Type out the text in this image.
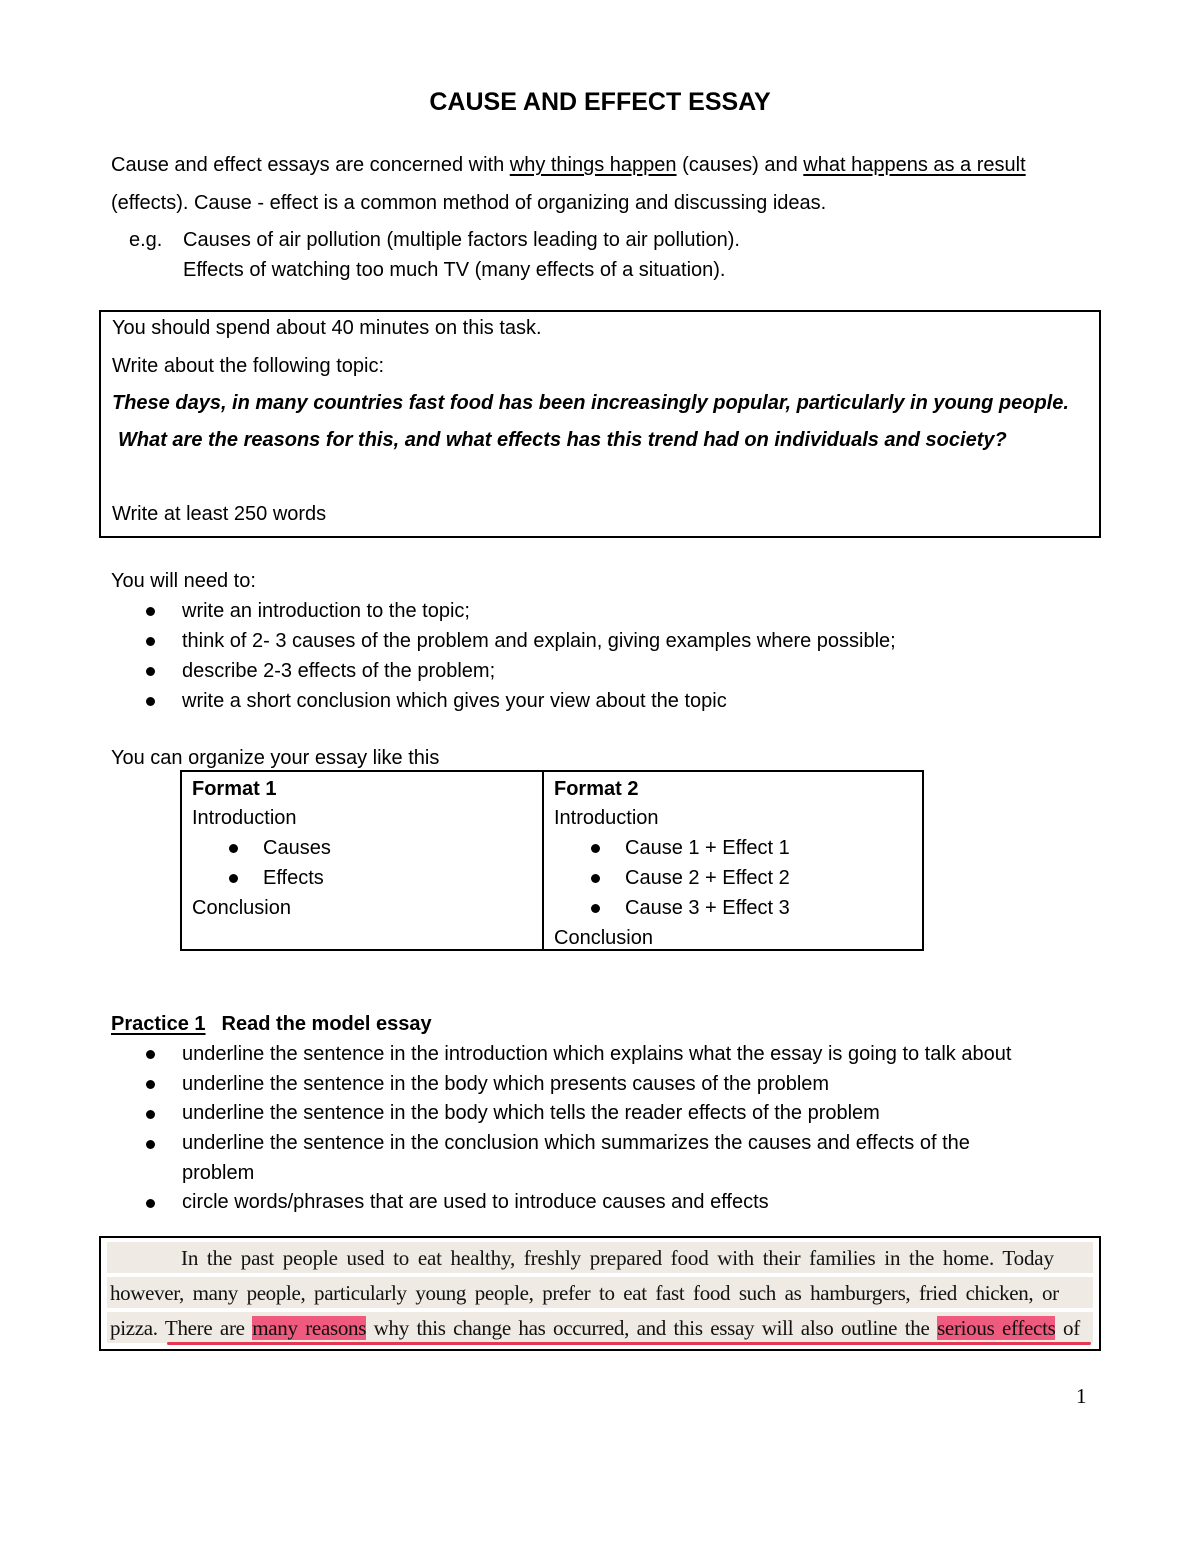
CAUSE AND EFFECT ESSAY
Cause and effect essays are concerned with why things happen (causes) and what happens as a result
(effects). Cause - effect is a common method of organizing and discussing ideas.
e.g. Causes of air pollution (multiple factors leading to air pollution).
Effects of watching too much TV (many effects of a situation).
You should spend about 40 minutes on this task.
Write about the following topic:
These days, in many countries fast food has been increasingly popular, particularly in young people.
What are the reasons for this, and what effects has this trend had on individuals and society?
Write at least 250 words
You will need to:
write an introduction to the topic;
think of 2- 3 causes of the problem and explain, giving examples where possible;
describe 2-3 effects of the problem;
write a short conclusion which gives your view about the topic
You can organize your essay like this
Format 1
Introduction
Causes
Effects
Conclusion
Format 2
Introduction
Cause 1 + Effect 1
Cause 2 + Effect 2
Cause 3 + Effect 3
Conclusion
Practice 1 Read the model essay
underline the sentence in the introduction which explains what the essay is going to talk about
underline the sentence in the body which presents causes of the problem
underline the sentence in the body which tells the reader effects of the problem
underline the sentence in the conclusion which summarizes the causes and effects of the
problem
circle words/phrases that are used to introduce causes and effects
In the past people used to eat healthy, freshly prepared food with their families in the home. Today
however, many people, particularly young people, prefer to eat fast food such as hamburgers, fried chicken, or
pizza. There are many reasons why this change has occurred, and this essay will also outline the serious effects of
1
